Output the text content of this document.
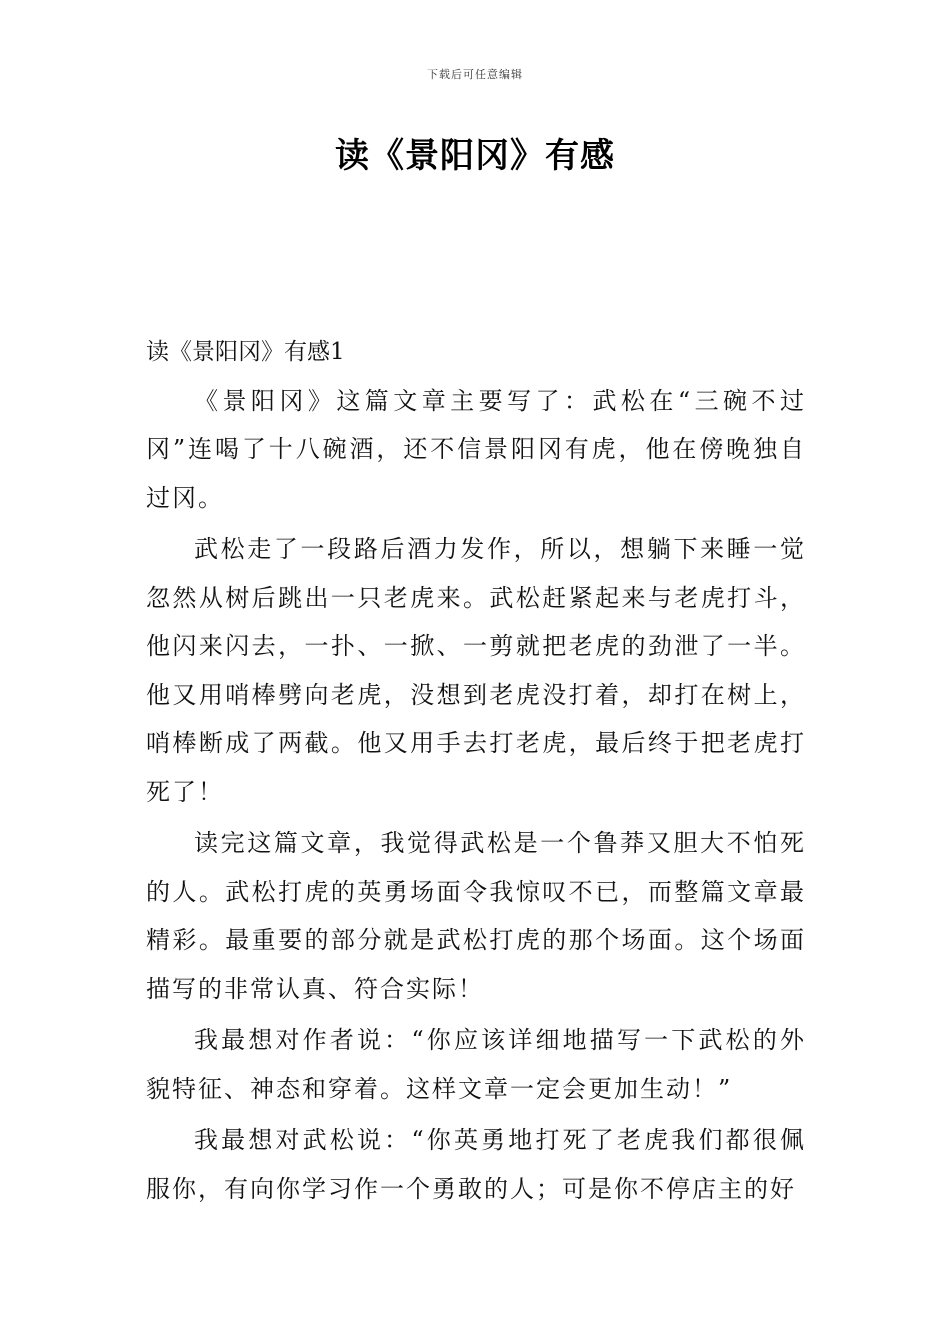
下载后可任意编辑
读《景阳冈》有感

读《景阳冈》有感1

《景阳冈》这篇文章主要写了：武松在“三碗不过冈”连喝了十八碗酒，还不信景阳冈有虎，他在傍晚独自过冈。

武松走了一段路后酒力发作，所以，想躺下来睡一觉忽然从树后跳出一只老虎来。武松赶紧起来与老虎打斗，他闪来闪去，一扑、一掀、一剪就把老虎的劲泄了一半。他又用哨棒劈向老虎，没想到老虎没打着，却打在树上，哨棒断成了两截。他又用手去打老虎，最后终于把老虎打死了！

读完这篇文章，我觉得武松是一个鲁莽又胆大不怕死的人。武松打虎的英勇场面令我惊叹不已，而整篇文章最精彩。最重要的部分就是武松打虎的那个场面。这个场面描写的非常认真、符合实际！

我最想对作者说：“你应该详细地描写一下武松的外貌特征、神态和穿着。这样文章一定会更加生动！”

我最想对武松说：“你英勇地打死了老虎我们都很佩服你，有向你学习作一个勇敢的人；可是你不停店主的好
